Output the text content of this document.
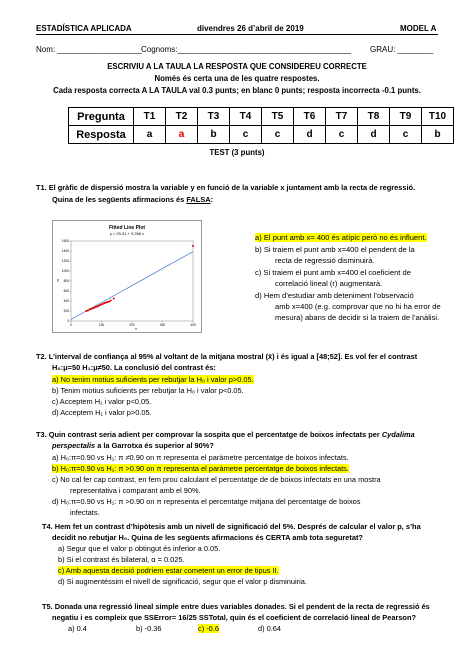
ESTADÍSTICA APLICADA	divendres 26 d’abril de 2019	MODEL A
Nom: ___________________ Cognoms:_______________________________________ GRAU: ________
ESCRIVIU A LA TAULA LA RESPOSTA QUE CONSIDEREU CORRECTE
Només és certa una de les quatre respostes.
Cada resposta correcta A LA TAULA val 0.3 punts; en blanc 0 punts; resposta incorrecta -0.1 punts.
Pregunta	T1	T2	T3	T4	T5	T6	T7	T8	T9	T10
Resposta	a	a	b	c	c	d	c	d	c	b
TEST (3 punts)
T1. El gràfic de dispersió mostra la variable y en funció de la variable x juntament amb la recta de regressió.
Quina de les següents afirmacions és FALSA:
Fitted Line Plot
y = 29.31 + 3.396 x
0
200
400
600
800
1000
1200
1400
1600
0	100	200	300	400
y
x
a) El punt amb x= 400 és atípic però no és influent.
b) Si traiem el punt amb x=400 el pendent de la
recta de regressió disminuirà.
c) Si traiem el punt amb x=400 el coeficient de
correlació lineal (r) augmentarà.
d) Hem d’estudiar amb deteniment l’observació
amb x=400 (e.g. comprovar que no hi ha error de
mesura) abans de decidir si la traiem de l’anàlisi.
T2. L’interval de confiança al 95% al voltant de la mitjana mostral (x̄) i és igual a [48;52]. Es vol fer el contrast
H₀:μ=50 H₁:μ≠50. La conclusió del contrast és:
a) No tenim motius suficients per rebutjar la H₀ i valor p>0.05.
b) Tenim motius suficients per rebutjar la H₀ i valor p<0.05.
c) Acceptem H₁ i valor p<0.05.
d) Acceptem H₁ i valor p>0.05.
T3. Quin contrast seria adient per comprovar la sospita que el percentatge de boixos infectats per Cydalima
perspectalis a la Garrotxa és superior al 90%?
a) H₀:π=0.90 vs H₁: π ≠0.90 on π representa el paràmetre percentatge de boixos infectats.
b) H₀:π=0.90 vs H₁: π >0.90 on π representa el paràmetre percentatge de boixos infectats.
c) No cal fer cap contrast, en fem prou calculant el percentatge de de boixos infectats en una mostra
representativa i comparant amb el 90%.
d) H₀:π=0.90 vs H₁: π >0.90 on π representa el percentatge mitjana del percentatge de boixos
infectats.
T4. Hem fet un contrast d’hipòtesis amb un nivell de significació del 5%. Després de calcular el valor p, s’ha
decidit no rebutjar H₀. Quina de les següents afirmacions és CERTA amb tota seguretat?
a) Segur que el valor p obtingut és inferior a 0.05.
b) Si el contrast és bilateral, α = 0.025.
c) Amb aquesta decisió podríem estar cometent un error de tipus II.
d) Si augmentéssim el nivell de significació, segur que el valor p disminuiria.
T5. Donada una regressió lineal simple entre dues variables donades. Si el pendent de la recta de regressió és
negatiu i es compleix que SSError= 16/25 SSTotal, quin és el coeficient de correlació lineal de Pearson?
a) 0.4	b) -0.36	c) -0.6	d) 0.64
